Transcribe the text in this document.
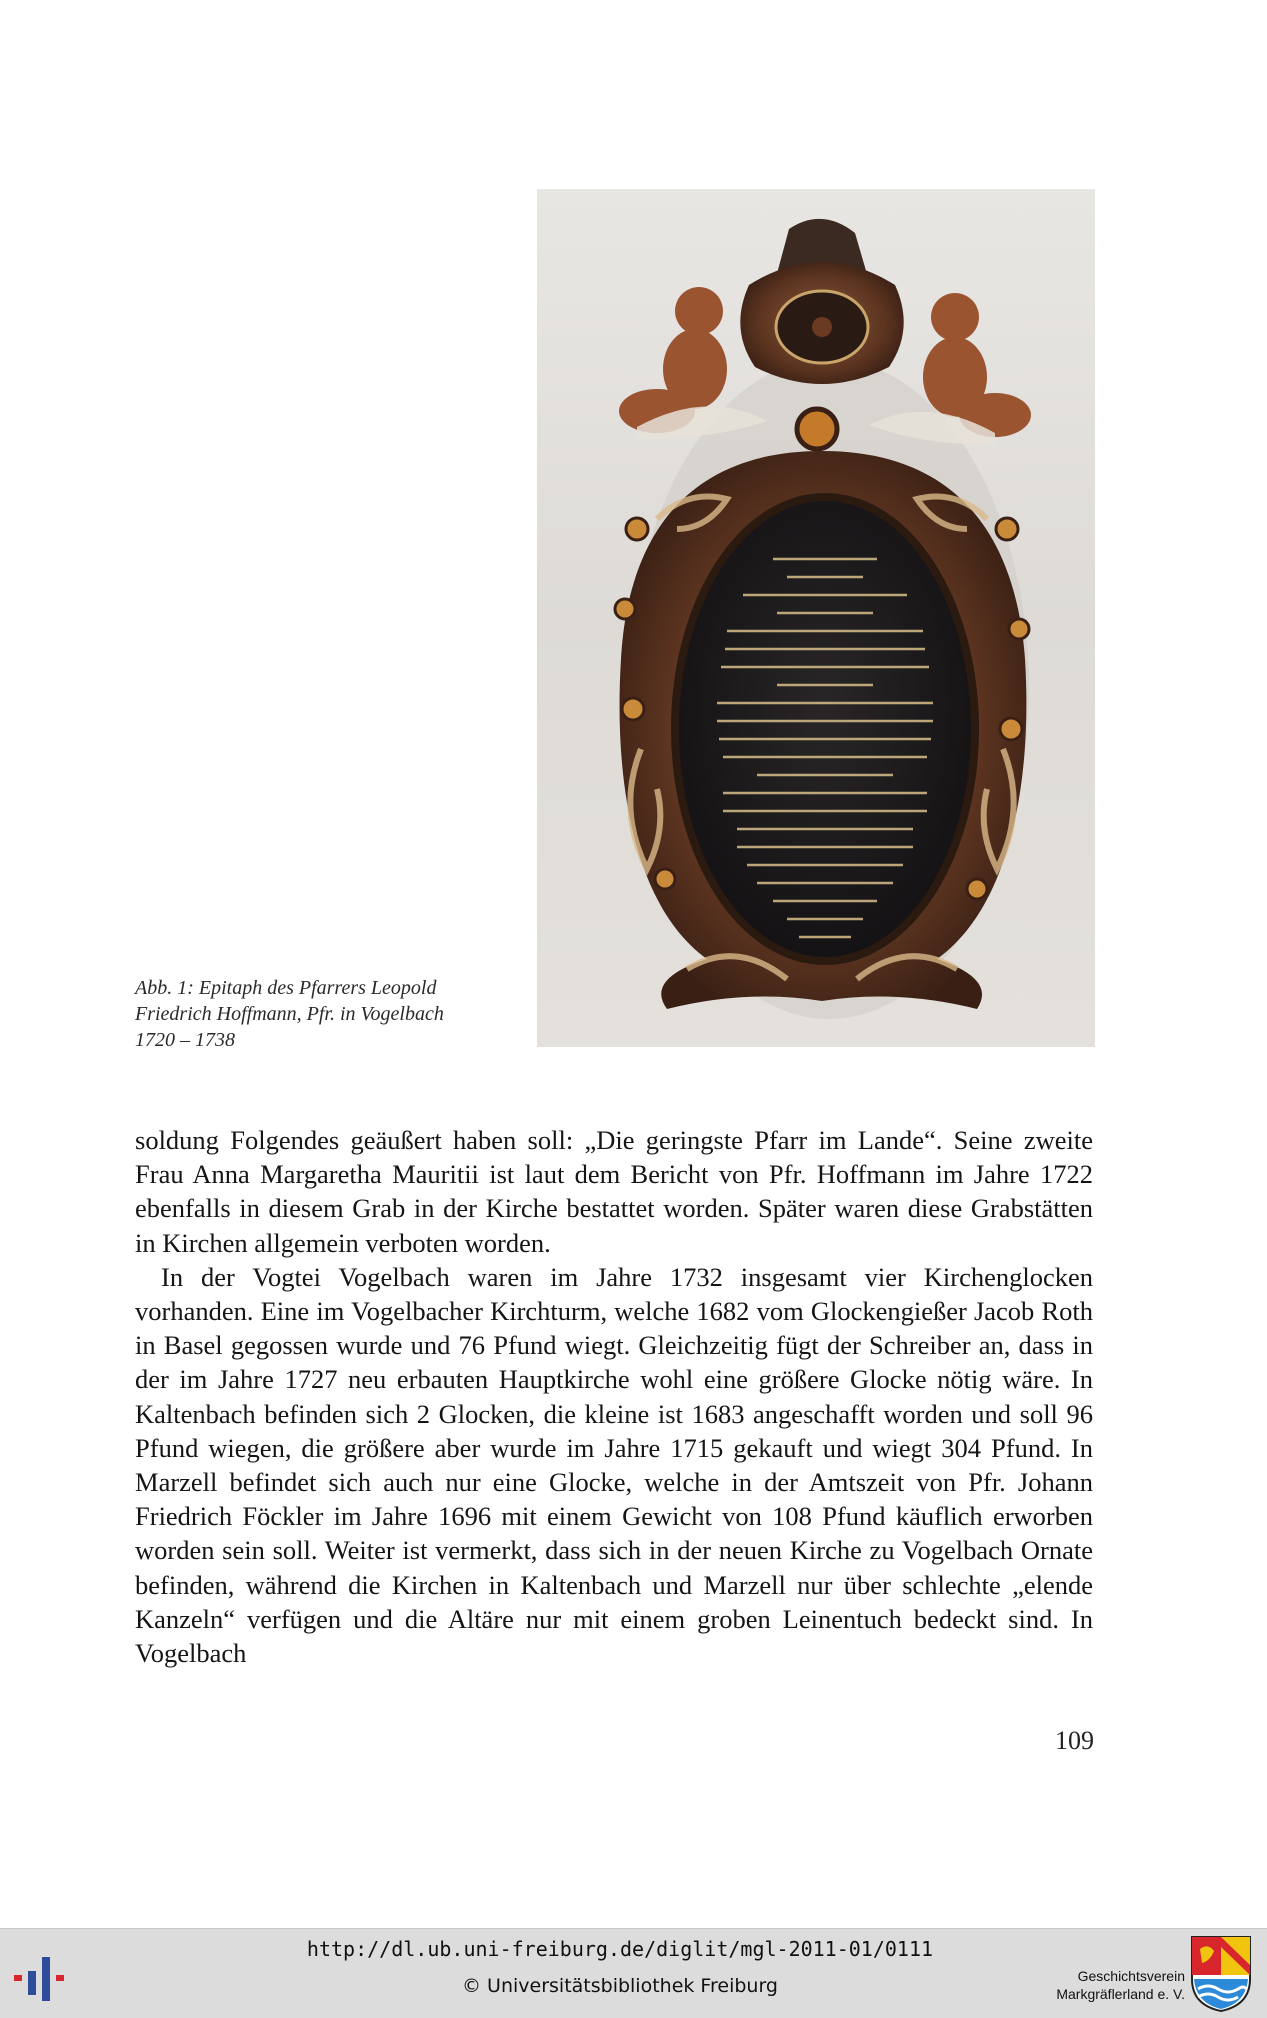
Abb. 1: Epitaph des Pfarrers Leopold
Friedrich Hoffmann, Pfr. in Vogelbach
1720 – 1738

soldung Folgendes geäußert haben soll: „Die geringste Pfarr im Lande“. Seine zweite Frau Anna Margaretha Mauritii ist laut dem Bericht von Pfr. Hoffmann im Jahre 1722 ebenfalls in diesem Grab in der Kirche bestattet worden. Später waren diese Grabstätten in Kirchen allgemein verboten worden.

In der Vogtei Vogelbach waren im Jahre 1732 insgesamt vier Kirchenglocken vorhanden. Eine im Vogelbacher Kirchturm, welche 1682 vom Glockengießer Jacob Roth in Basel gegossen wurde und 76 Pfund wiegt. Gleichzeitig fügt der Schreiber an, dass in der im Jahre 1727 neu erbauten Hauptkirche wohl eine größere Glocke nötig wäre. In Kaltenbach befinden sich 2 Glocken, die kleine ist 1683 angeschafft worden und soll 96 Pfund wiegen, die größere aber wurde im Jahre 1715 gekauft und wiegt 304 Pfund. In Marzell befindet sich auch nur eine Glocke, welche in der Amtszeit von Pfr. Johann Friedrich Föckler im Jahre 1696 mit einem Gewicht von 108 Pfund käuflich erworben worden sein soll. Weiter ist vermerkt, dass sich in der neuen Kirche zu Vogelbach Ornate befinden, während die Kirchen in Kaltenbach und Marzell nur über schlechte „elende Kanzeln“ verfügen und die Altäre nur mit einem groben Leinentuch bedeckt sind. In Vogelbach

109
http://dl.ub.uni-freiburg.de/diglit/mgl-2011-01/0111
© Universitätsbibliothek Freiburg	Geschichtsverein
Markgräflerland e. V.
